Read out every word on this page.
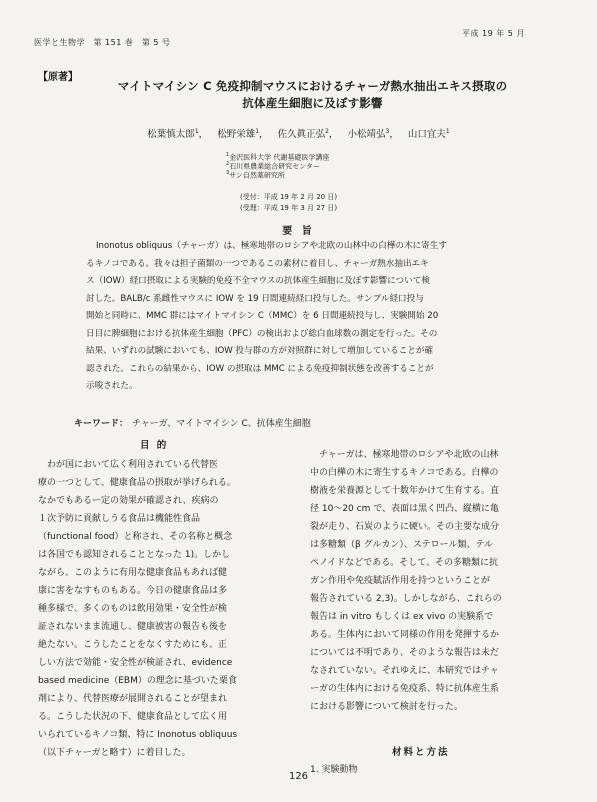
医学と生物学　第 151 巻　第 5 号
平成 19 年 5 月
【原著】
マイトマイシン C 免疫抑制マウスにおけるチャーガ熱水抽出エキス摂取の
抗体産生細胞に及ぼす影響
松葉慎太郎$^1$， 松野栄雄$^1$， 佐久眞正弘$^2$， 小松靖弘$^3$， 山口宜夫$^1$
$^1$金沢医科大学 代謝基礎医学講座
$^2$石川県農業総合研究センター
$^3$サン自然薬研究所
(受付：平成 19 年 2 月 20 日)
(受理：平成 19 年 3 月 27 日)
要 旨
Inonotus obliquus（チャーガ）は、極寒地帯のロシアや北欧の山林中の白樺の木に寄生す
るキノコである。我々は担子菌類の一つであるこの素材に着目し、チャーガ熱水抽出エキ
ス（IOW）経口摂取による実験的免疫不全マウスの抗体産生細胞に及ぼす影響について検
討した。BALB/c 系雌性マウスに IOW を 19 日間連続経口投与した。サンプル経口投与
開始と同時に、MMC 群にはマイトマイシン C（MMC）を 6 日間連続投与し、実験開始 20
日目に脾細胞における抗体産生細胞（PFC）の検出および総白血球数の測定を行った。その
結果、いずれの試験においても、IOW 投与群の方が対照群に対して増加していることが確
認された。これらの結果から、IOW の摂取は MMC による免疫抑制状態を改善することが
示唆された。
キーワード： チャーガ、マイトマイシン C、抗体産生細胞
目 的
　わが国において広く利用されている代替医
療の一つとして、健康食品の摂取が挙げられる。
なかでもあるー定の効果が確認され、疾病の
１次予防に貢献しうる食品は機能性食品
（functional food）と称され、その名称と概念
は各国でも認知されることとなった 1)。しかし
ながら、このように有用な健康食品もあれば健
康に害をなすものもある。今日の健康食品は多
種多様で、多くのものは飲用効果・安全性が検
証されないまま流通し、健康被害の報告も後を
絶たない。こうしたことをなくすためにも、正
しい方法で効能・安全性が検証され、evidence
based medicine（EBM）の理念に基づいた栗食
剤により、代替医療が展開されることが望まれ
る。こうした状況の下、健康食品として広く用
いられているキノコ類、特に Inonotus obliquus
（以下チャーガと略す）に着目した。
　チャーガは、極寒地帯のロシアや北欧の山林
中の白樺の木に寄生するキノコである。白樺の
樹液を栄養源として十数年かけて生育する。直
径 10～20 cm で、表面は黒く凹凸、縦横に亀
裂が走り、石炭のように硬い。その主要な成分
は多糖類（β グルカン）、ステロール類、テル
ペノイドなどである。そして、その多糖類に抗
ガン作用や免疫賦活作用を持つということが
報告されている 2,3)。しかしながら、これらの
報告は in vitro もしくは ex vivo の実験系で
ある。生体内において同様の作用を発揮するか
については不明であり、そのような報告は未だ
なされていない。それゆえに、本研究ではチャ
ーガの生体内における免疫系、特に抗体産生系
における影響について検討を行った。
材料と方法
1. 実験動物
126
